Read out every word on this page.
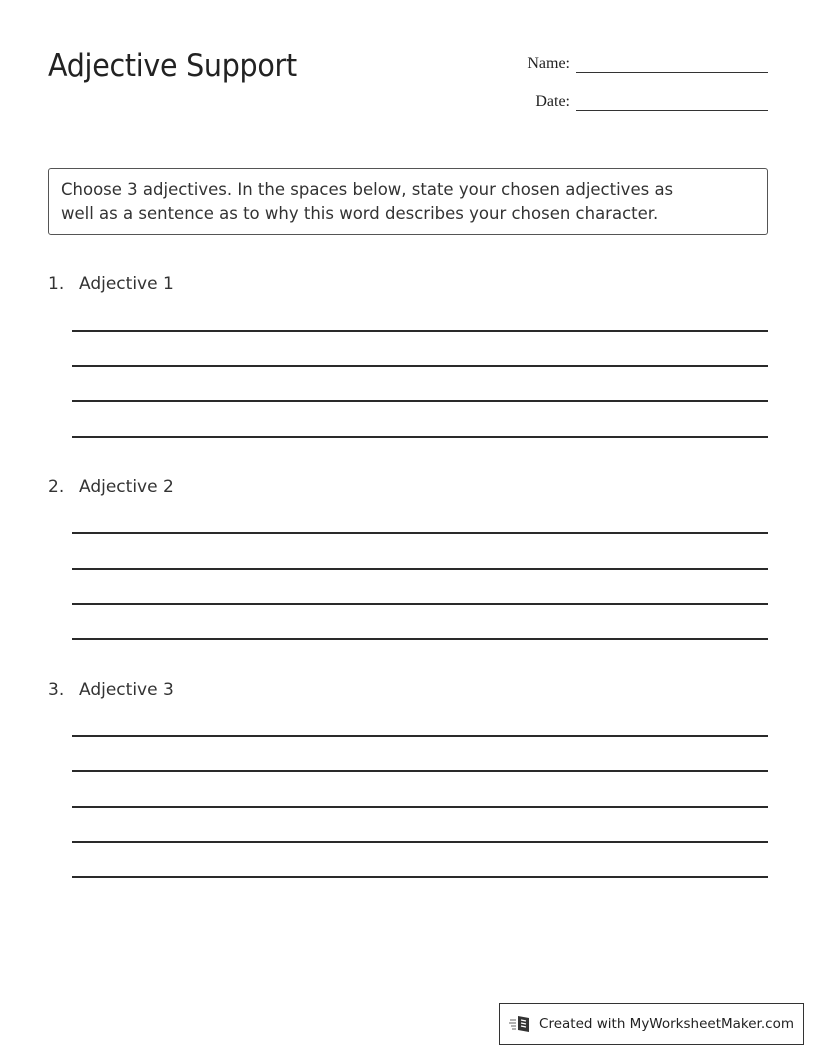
Adjective Support	Name:
Date:
Choose 3 adjectives. In the spaces below, state your chosen adjectives as
well as a sentence as to why this word describes your chosen character.
1. Adjective 1
2. Adjective 2
3. Adjective 3
Created with MyWorksheetMaker.com
